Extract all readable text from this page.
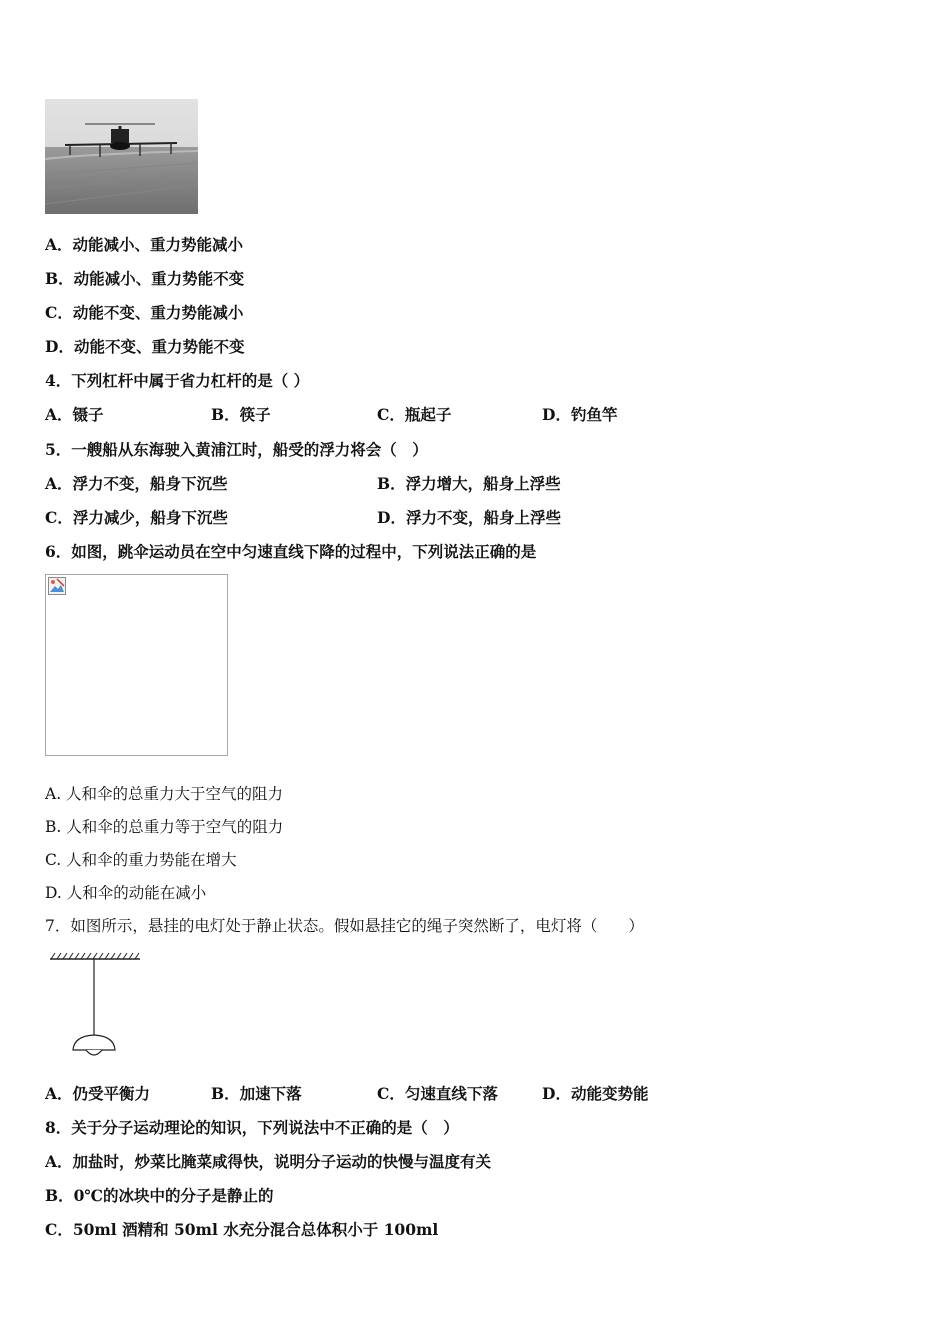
A．动能减小、重力势能减小
B．动能减小、重力势能不变
C．动能不变、重力势能减小
D．动能不变、重力势能不变
4．下列杠杆中属于省力杠杆的是（ ）
A．镊子	B．筷子	C．瓶起子	D．钓鱼竿
5．一艘船从东海驶入黄浦江时，船受的浮力将会（　）
A．浮力不变，船身下沉些	B．浮力增大，船身上浮些
C．浮力减少，船身下沉些	D．浮力不变，船身上浮些
6．如图，跳伞运动员在空中匀速直线下降的过程中，下列说法正确的是
A. 人和伞的总重力大于空气的阻力
B. 人和伞的总重力等于空气的阻力
C. 人和伞的重力势能在增大
D. 人和伞的动能在减小
7．如图所示，悬挂的电灯处于静止状态。假如悬挂它的绳子突然断了，电灯将（　　）
A．仍受平衡力	B．加速下落	C．匀速直线下落	D．动能变势能
8．关于分子运动理论的知识，下列说法中不正确的是（　）
A．加盐时，炒菜比腌菜咸得快，说明分子运动的快慢与温度有关
B．0℃的冰块中的分子是静止的
C．50ml 酒精和 50ml 水充分混合总体积小于 100ml
